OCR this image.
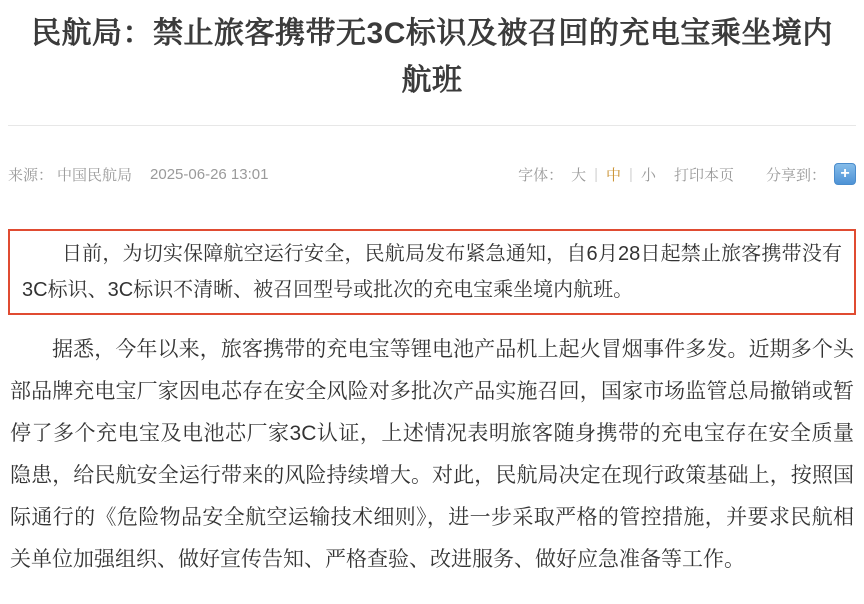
民航局：禁止旅客携带无3C标识及被召回的充电宝乘坐境内航班
来源： 中国民航局 2025-06-26 13:01	字体： 大 | 中 | 小 打印本页 分享到： +

日前，为切实保障航空运行安全，民航局发布紧急通知，自6月28日起禁止旅客携带没有3C标识、3C标识不清晰、被召回型号或批次的充电宝乘坐境内航班。

据悉，今年以来，旅客携带的充电宝等锂电池产品机上起火冒烟事件多发。近期多个头部品牌充电宝厂家因电芯存在安全风险对多批次产品实施召回，国家市场监管总局撤销或暂停了多个充电宝及电池芯厂家3C认证，上述情况表明旅客随身携带的充电宝存在安全质量隐患，给民航安全运行带来的风险持续增大。对此，民航局决定在现行政策基础上，按照国际通行的《危险物品安全航空运输技术细则》，进一步采取严格的管控措施，并要求民航相关单位加强组织、做好宣传告知、严格查验、改进服务、做好应急准备等工作。
